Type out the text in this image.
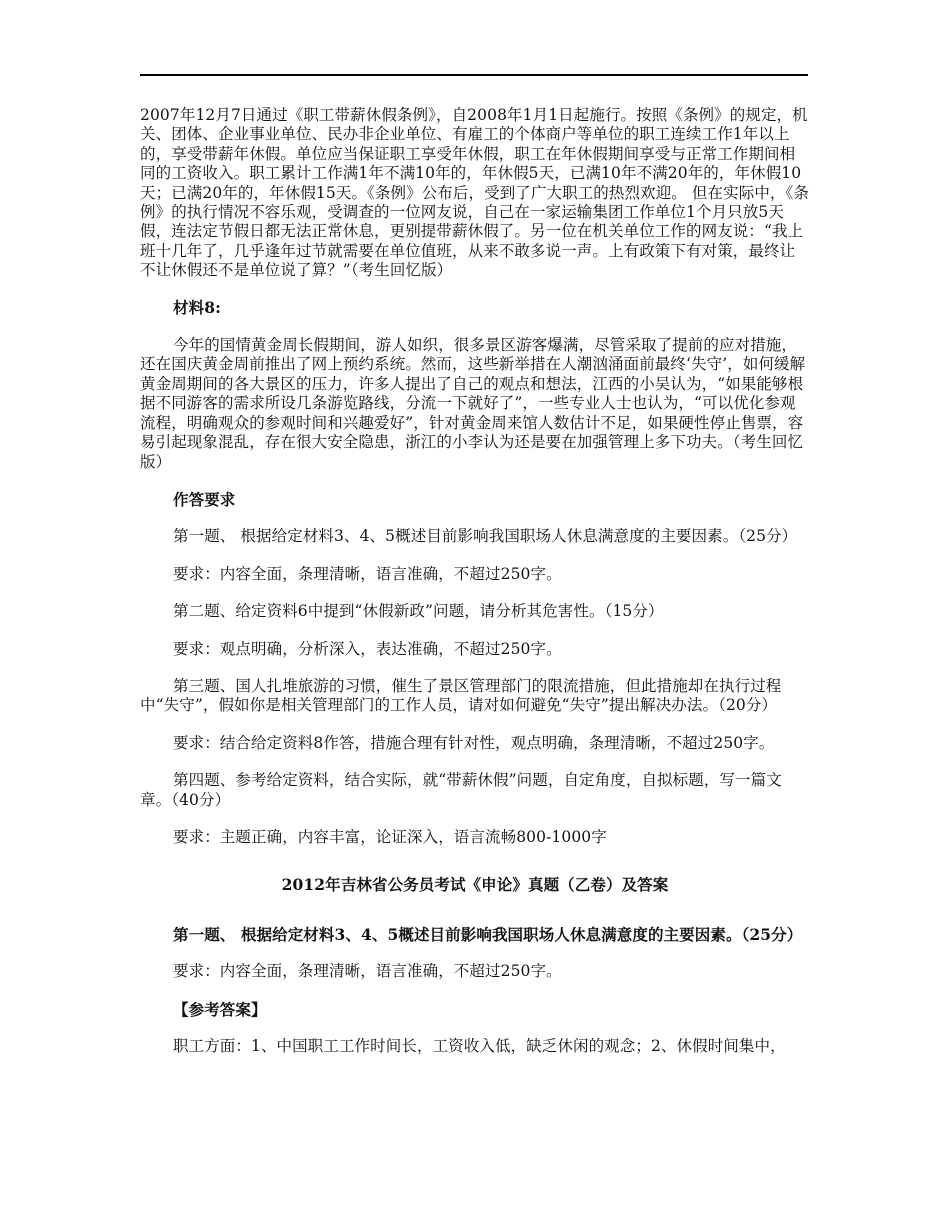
2007年12月7日通过《职工带薪休假条例》，自2008年1月1日起施行。按照《条例》的规定，机关、团体、企业事业单位、民办非企业单位、有雇工的个体商户等单位的职工连续工作1年以上的，享受带薪年休假。单位应当保证职工享受年休假，职工在年休假期间享受与正常工作期间相同的工资收入。职工累计工作满1年不满10年的，年休假5天，已满10年不满20年的，年休假10天；已满20年的，年休假15天。《条例》公布后，受到了广大职工的热烈欢迎。 但在实际中，《条例》的执行情况不容乐观，受调查的一位网友说，自己在一家运输集团工作单位1个月只放5天假，连法定节假日都无法正常休息，更别提带薪休假了。另一位在机关单位工作的网友说：“我上班十几年了，几乎逢年过节就需要在单位值班，从来不敢多说一声。上有政策下有对策，最终让不让休假还不是单位说了算？”（考生回忆版）

材料8:

今年的国情黄金周长假期间，游人如织，很多景区游客爆满，尽管采取了提前的应对措施，还在国庆黄金周前推出了网上预约系统。然而，这些新举措在人潮汹涌面前最终‘失守’，如何缓解黄金周期间的各大景区的压力，许多人提出了自己的观点和想法，江西的小吴认为，“如果能够根据不同游客的需求所设几条游览路线，分流一下就好了”，一些专业人士也认为，“可以优化参观流程，明确观众的参观时间和兴趣爱好”，针对黄金周来馆人数估计不足，如果硬性停止售票，容易引起现象混乱，存在很大安全隐患，浙江的小李认为还是要在加强管理上多下功夫。（考生回忆版）

作答要求

第一题、 根据给定材料3、4、5概述目前影响我国职场人休息满意度的主要因素。（25分）

要求：内容全面，条理清晰，语言准确，不超过250字。

第二题、给定资料6中提到“休假新政”问题，请分析其危害性。（15分）

要求：观点明确，分析深入，表达准确，不超过250字。

第三题、国人扎堆旅游的习惯，催生了景区管理部门的限流措施，但此措施却在执行过程中“失守”，假如你是相关管理部门的工作人员，请对如何避免“失守”提出解决办法。（20分）

要求：结合给定资料8作答，措施合理有针对性，观点明确，条理清晰，不超过250字。

第四题、参考给定资料，结合实际，就“带薪休假”问题，自定角度，自拟标题，写一篇文章。（40分）

要求：主题正确，内容丰富，论证深入，语言流畅800-1000字

2012年吉林省公务员考试《申论》真题（乙卷）及答案

第一题、 根据给定材料3、4、5概述目前影响我国职场人休息满意度的主要因素。（25分）

要求：内容全面，条理清晰，语言准确，不超过250字。

【参考答案】

职工方面：1、中国职工工作时间长，工资收入低，缺乏休闲的观念；2、休假时间集中，
